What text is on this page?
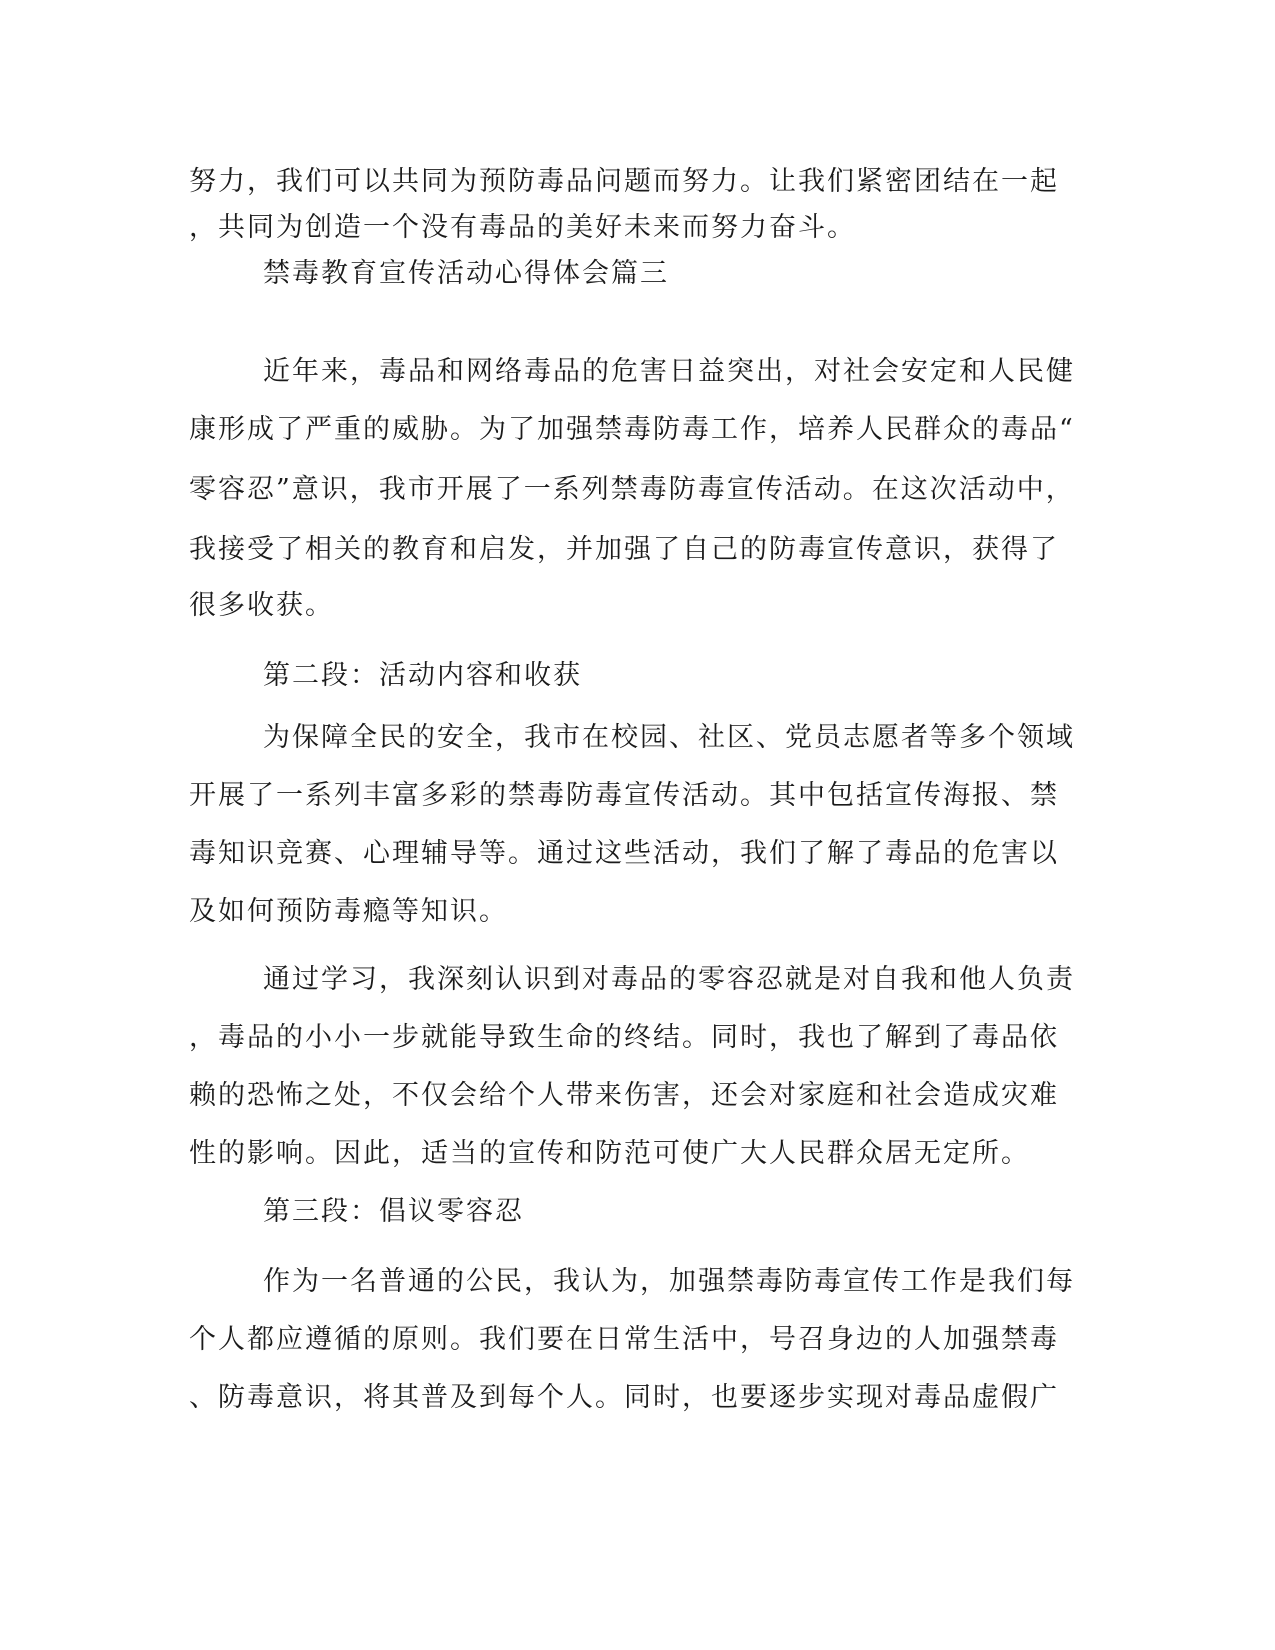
努力，我们可以共同为预防毒品问题而努力。让我们紧密团结在一起
，共同为创造一个没有毒品的美好未来而努力奋斗。
禁毒教育宣传活动心得体会篇三
近年来，毒品和网络毒品的危害日益突出，对社会安定和人民健
康形成了严重的威胁。为了加强禁毒防毒工作，培养人民群众的毒品“
零容忍”意识，我市开展了一系列禁毒防毒宣传活动。在这次活动中，
我接受了相关的教育和启发，并加强了自己的防毒宣传意识，获得了
很多收获。
第二段：活动内容和收获
为保障全民的安全，我市在校园、社区、党员志愿者等多个领域
开展了一系列丰富多彩的禁毒防毒宣传活动。其中包括宣传海报、禁
毒知识竞赛、心理辅导等。通过这些活动，我们了解了毒品的危害以
及如何预防毒瘾等知识。
通过学习，我深刻认识到对毒品的零容忍就是对自我和他人负责
，毒品的小小一步就能导致生命的终结。同时，我也了解到了毒品依
赖的恐怖之处，不仅会给个人带来伤害，还会对家庭和社会造成灾难
性的影响。因此，适当的宣传和防范可使广大人民群众居无定所。
第三段：倡议零容忍
作为一名普通的公民，我认为，加强禁毒防毒宣传工作是我们每
个人都应遵循的原则。我们要在日常生活中，号召身边的人加强禁毒
、防毒意识，将其普及到每个人。同时，也要逐步实现对毒品虚假广
